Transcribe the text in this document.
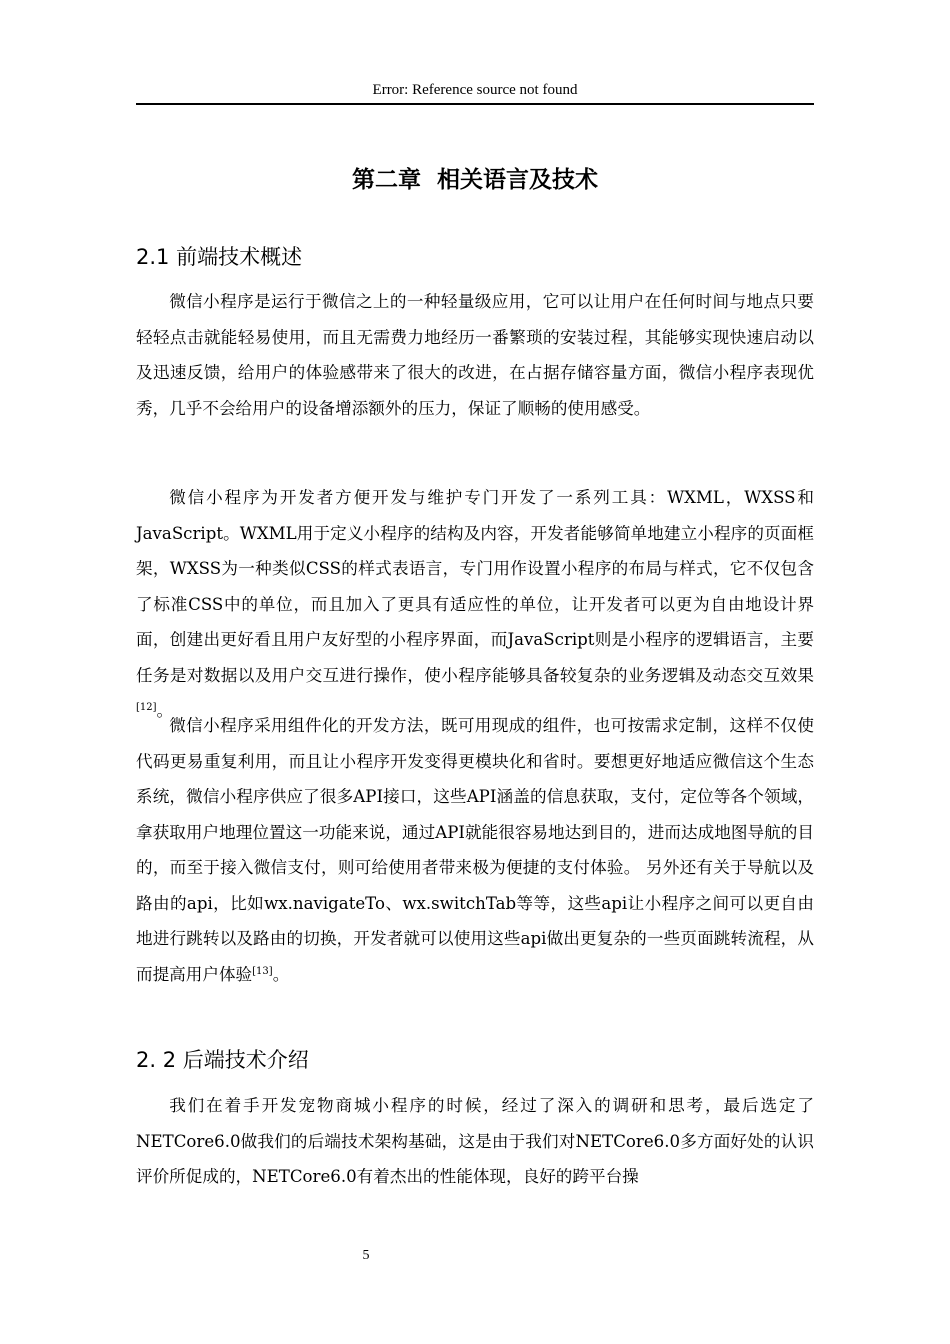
Error: Reference source not found
第二章  相关语言及技术
2.1 前端技术概述

微信小程序是运行于微信之上的一种轻量级应用，它可以让用户在任何时间与地点只要轻轻点击就能轻易使用，而且无需费力地经历一番繁琐的安装过程，其能够实现快速启动以及迅速反馈，给用户的体验感带来了很大的改进，在占据存储容量方面，微信小程序表现优秀，几乎不会给用户的设备增添额外的压力，保证了顺畅的使用感受。

微信小程序为开发者方便开发与维护专门开发了一系列工具：WXML，WXSS和JavaScript。WXML用于定义小程序的结构及内容，开发者能够简单地建立小程序的页面框架，WXSS为一种类似CSS的样式表语言，专门用作设置小程序的布局与样式，它不仅包含了标准CSS中的单位，而且加入了更具有适应性的单位，让开发者可以更为自由地设计界面，创建出更好看且用户友好型的小程序界面，而JavaScript则是小程序的逻辑语言，主要任务是对数据以及用户交互进行操作，使小程序能够具备较复杂的业务逻辑及动态交互效果[12]。

微信小程序采用组件化的开发方法，既可用现成的组件，也可按需求定制，这样不仅使代码更易重复利用，而且让小程序开发变得更模块化和省时。要想更好地适应微信这个生态系统，微信小程序供应了很多API接口，这些API涵盖的信息获取，支付，定位等各个领域，拿获取用户地理位置这一功能来说，通过API就能很容易地达到目的，进而达成地图导航的目的，而至于接入微信支付，则可给使用者带来极为便捷的支付体验。 另外还有关于导航以及路由的api，比如wx.navigateTo、wx.switchTab等等，这些api让小程序之间可以更自由地进行跳转以及路由的切换，开发者就可以使用这些api做出更复杂的一些页面跳转流程，从而提高用户体验[13]。

2. 2 后端技术介绍

我们在着手开发宠物商城小程序的时候，经过了深入的调研和思考，最后选定了NETCore6.0做我们的后端技术架构基础，这是由于我们对NETCore6.0多方面好处的认识评价所促成的，NETCore6.0有着杰出的性能体现，良好的跨平台操

5
